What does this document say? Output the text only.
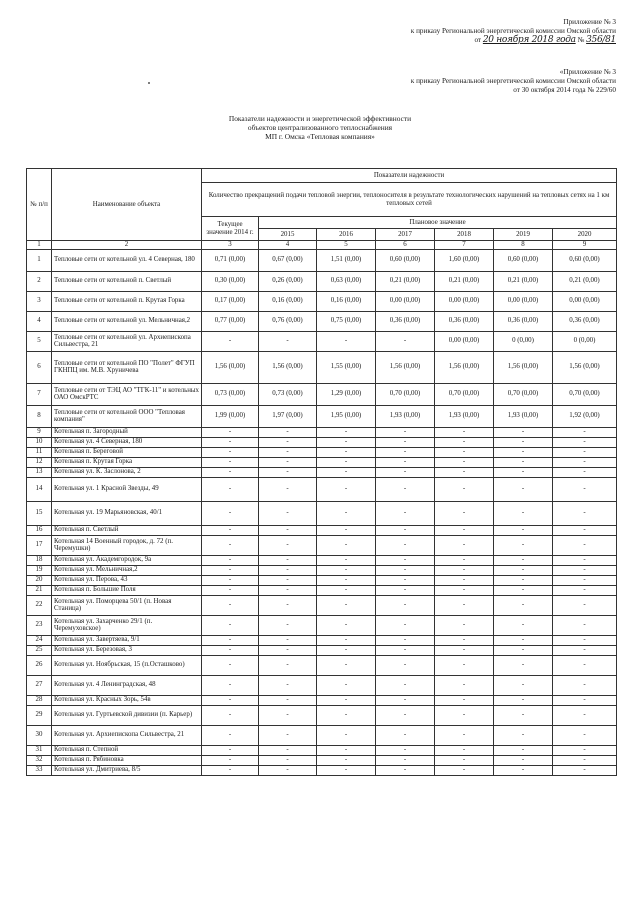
Приложение № 3
к приказу Региональной энергетической комиссии Омской области
от 20 ноября 2018 года № 356/81
«Приложение № 3
к приказу Региональной энергетической комиссии Омской области
от 30 октября 2014 года № 229/60
Показатели надежности и энергетической эффективности
объектов централизованного теплоснабжения
МП г. Омска «Тепловая компания»
№ п/п	Наименование объекта	Показатели надежности						
		Количество прекращений подачи тепловой энергии, теплоносителя в результате технологических нарушений на тепловых сетях на 1 км тепловых сетей						
		Текущее значение 2014 г.	Плановое значение					
			2015	2016	2017	2018	2019	2020
1	2	3	4	5	6	7	8	9
1	Тепловые сети от котельной ул. 4 Северная, 180	0,71 (0,00)	0,67 (0,00)	1,51 (0,00)	0,60 (0,00)	1,60 (0,00)	0,60 (0,00)	0,60 (0,00)
2	Тепловые сети от котельной п. Светлый	0,30 (0,00)	0,26 (0,00)	0,63 (0,00)	0,21 (0,00)	0,21 (0,00)	0,21 (0,00)	0,21 (0,00)
3	Тепловые сети от котельной п. Крутая Горка	0,17 (0,00)	0,16 (0,00)	0,16 (0,00)	0,00 (0,00)	0,00 (0,00)	0,00 (0,00)	0,00 (0,00)
4	Тепловые сети от котельной ул. Мельничная,2	0,77 (0,00)	0,76 (0,00)	0,75 (0,00)	0,36 (0,00)	0,36 (0,00)	0,36 (0,00)	0,36 (0,00)
5	Тепловые сети от котельной ул. Архиепископа Сильвестра, 21	-	-	-	-	0,00 (0,00)	0 (0,00)	0 (0,00)
6	Тепловые сети от котельной ПО "Полет" ФГУП ГКНПЦ им. М.В. Хруничева	1,56 (0,00)	1,56 (0,00)	1,55 (0,00)	1,56 (0,00)	1,56 (0,00)	1,56 (0,00)	1,56 (0,00)
7	Тепловые сети от ТЭЦ АО "ТГК-11" и котельных ОАО ОмскРТС	0,73 (0,00)	0,73 (0,00)	1,29 (0,00)	0,70 (0,00)	0,70 (0,00)	0,70 (0,00)	0,70 (0,00)
8	Тепловые сети от котельной ООО "Тепловая компания"	1,99 (0,00)	1,97 (0,00)	1,95 (0,00)	1,93 (0,00)	1,93 (0,00)	1,93 (0,00)	1,92 (0,00)
9	Котельная п. Загородный	-	-	-	-	-	-	-
10	Котельная ул. 4 Северная, 180	-	-	-	-	-	-	-
11	Котельная п. Береговой	-	-	-	-	-	-	-
12	Котельная п. Крутая Горка	-	-	-	-	-	-	-
13	Котельная ул. К. Заслонова, 2	-	-	-	-	-	-	-
14	Котельная ул. 1 Красной Звезды, 49	-	-	-	-	-	-	-
15	Котельная ул. 19 Марьяновская, 40/1	-	-	-	-	-	-	-
16	Котельная п. Светлый	-	-	-	-	-	-	-
17	Котельная 14 Военный городок, д. 72 (п. Черемушки)	-	-	-	-	-	-	-
18	Котельная ул. Академгородок, 9а	-	-	-	-	-	-	-
19	Котельная ул. Мельничная,2	-	-	-	-	-	-	-
20	Котельная ул. Перова, 43	-	-	-	-	-	-	-
21	Котельная п. Большие Поля	-	-	-	-	-	-	-
22	Котельная ул. Поморцева 50/1 (п. Новая Станица)	-	-	-	-	-	-	-
23	Котельная ул. Захарченко 29/1 (п. Черемуховское)	-	-	-	-	-	-	-
24	Котельная ул. Завертяева, 9/1	-	-	-	-	-	-	-
25	Котельная ул. Березовая, 3	-	-	-	-	-	-	-
26	Котельная ул. Ноябрьская, 15 (п.Осташково)	-	-	-	-	-	-	-
27	Котельная ул. 4 Ленинградская, 48	-	-	-	-	-	-	-
28	Котельная ул. Красных Зорь, 54в	-	-	-	-	-	-	-
29	Котельная ул. Гуртьевской дивизии (п. Карьер)	-	-	-	-	-	-	-
30	Котельная ул. Архиепископа Сильвестра, 21	-	-	-	-	-	-	-
31	Котельная п. Степной	-	-	-	-	-	-	-
32	Котельная п. Рябиновка	-	-	-	-	-	-	-
33	Котельная ул. Дмитриева, 8/5	-	-	-	-	-	-	-
